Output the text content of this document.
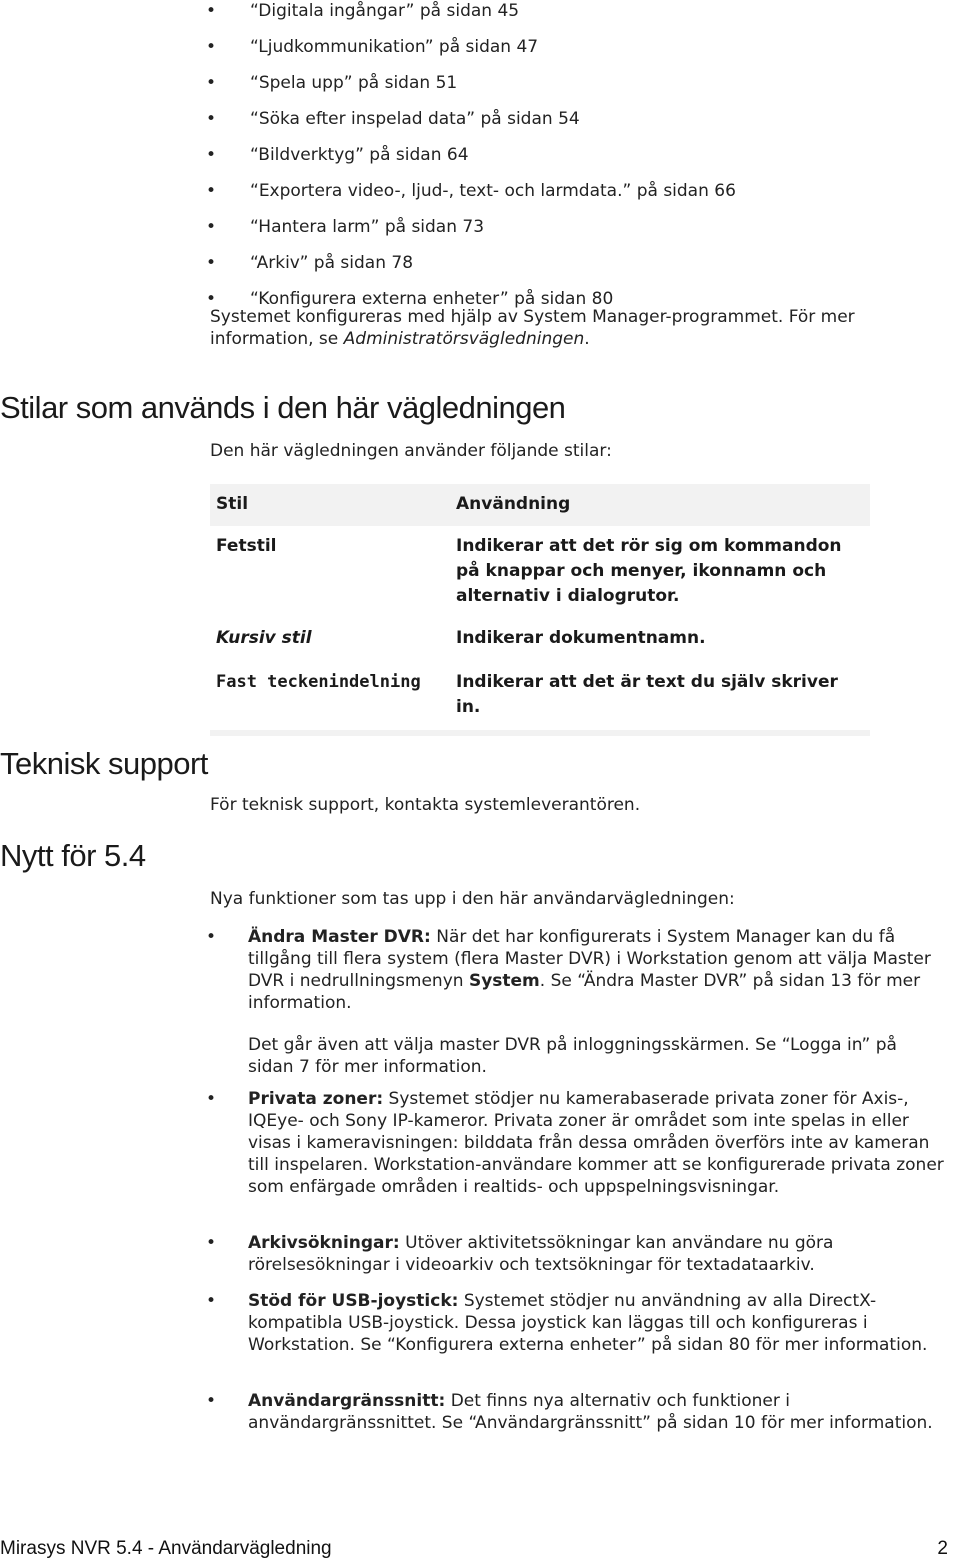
• “Digitala ingångar” på sidan 45
• “Ljudkommunikation” på sidan 47
• “Spela upp” på sidan 51
• “Söka efter inspelad data” på sidan 54
• “Bildverktyg” på sidan 64
• “Exportera video-, ljud-, text- och larmdata.” på sidan 66
• “Hantera larm” på sidan 73
• “Arkiv” på sidan 78
• “Konfigurera externa enheter” på sidan 80

Systemet konfigureras med hjälp av System Manager-programmet. För mer information, se Administratörsvägledningen.

Stilar som används i den här vägledningen

Den här vägledningen använder följande stilar:

Stil	Användning
Fetstil	Indikerar att det rör sig om kommandon på knappar och menyer, ikonnamn och alternativ i dialogrutor.
Kursiv stil	Indikerar dokumentnamn.
Fast teckenindelning	Indikerar att det är text du själv skriver in.
Teknisk support

För teknisk support, kontakta systemleverantören.

Nytt för 5.4

Nya funktioner som tas upp i den här användarvägledningen:

• Ändra Master DVR: När det har konfigurerats i System Manager kan du få tillgång till flera system (flera Master DVR) i Workstation genom att välja Master DVR i nedrullningsmenyn System. Se “Ändra Master DVR” på sidan 13 för mer information.
Det går även att välja master DVR på inloggningsskärmen. Se “Logga in” på sidan 7 för mer information.
• Privata zoner: Systemet stödjer nu kamerabaserade privata zoner för Axis-, IQEye- och Sony IP-kameror. Privata zoner är området som inte spelas in eller visas i kameravisningen: bilddata från dessa områden överförs inte av kameran till inspelaren. Workstation-användare kommer att se konfigurerade privata zoner som enfärgade områden i realtids- och uppspelningsvisningar.
• Arkivsökningar: Utöver aktivitetssökningar kan användare nu göra rörelsesökningar i videoarkiv och textsökningar för textadataarkiv.
• Stöd för USB-joystick: Systemet stödjer nu användning av alla DirectX-kompatibla USB-joystick. Dessa joystick kan läggas till och konfigureras i Workstation. Se “Konfigurera externa enheter” på sidan 80 för mer information.
• Användargränssnitt: Det finns nya alternativ och funktioner i användargränssnittet. Se “Användargränssnitt” på sidan 10 för mer information.
Mirasys NVR 5.4 - Användarvägledning	2
